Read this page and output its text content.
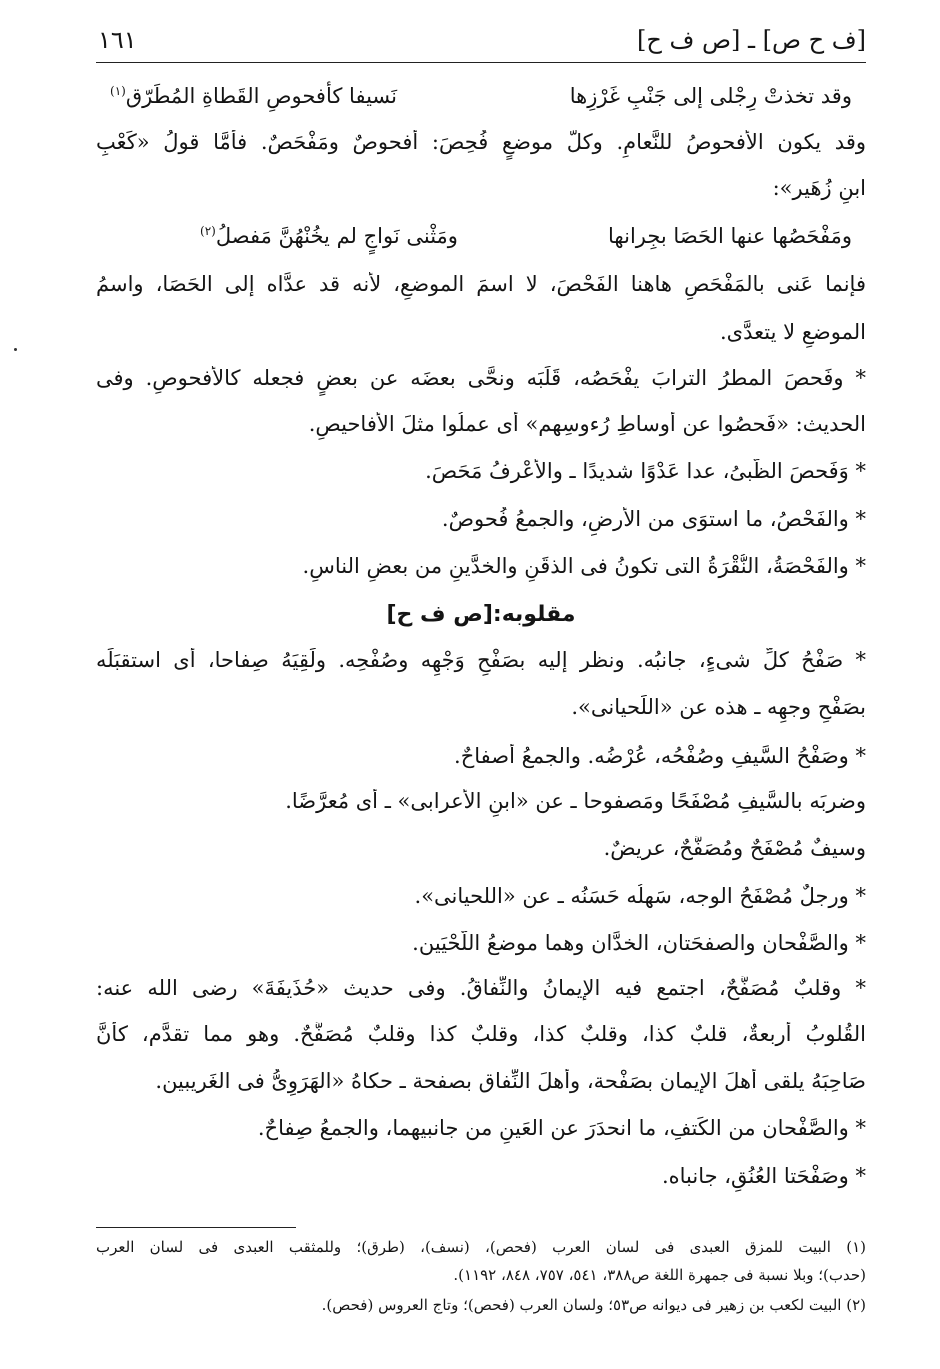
[ف ح ص] ـ [ص ف ح]
١٦١
وقد تخذتْ رِجْلى إلى جَنْبِ غَرْزِها
نَسيفا كأفحوصِ القَطاةِ المُطَرّق$^{(١)}$
وقد يكون الأفحوصُ للنَّعامِ. وكلُّ موضعٍ فُحِصَ: أُفحوصٌ ومَفْحَصٌ. فأمَّا قولُ «كَعْبِ
ابنِ زُهَير»:
ومَفْحَصُها عنها الحَصَا بجِرانها
ومَثْنى نَواجٍ لم يخُنْهُنَّ مَفصلُ$^{(٢)}$
فإنما عَنى بالمَفْحَصِ هاهنا الفَحْصَ، لا اسمَ الموضعِ، لأنه قد عدَّاه إلى الحَصَا، واسمُ
الموضعِ لا يتعدَّى.
* وفَحصَ المطرُ الترابَ يفْحَصُه، قَلَبَه ونحَّى بعضَه عن بعضٍ فجعله كالأفحوصِ. وفى
الحديث: «فَحصُوا عن أوساطِ رُءوسِهم» أى عملُوا مثلَ الأفاحيصِ.
* وَفَحصَ الظَّبىُ، عدا عَدْوًا شديدًا ـ والأعْرفُ مَحَصَ.
* والفَحْصُ، ما استوَى من الأرضِ، والجمعُ فُحوصٌ.
* والفَحْصَةُ، النُّقْرَةُ التى تكونُ فى الذقَنِ والخدَّينِ من بعضِ الناسِ.
مقلوبه:[ص ف ح]
* صَفْحُ كلِّ شىءٍ، جانبُه. ونظر إليه بصَفْحِ وَجْهِه وصُفْحِه. ولَقِيَهُ صِفاحا، أى استقبَلَه
بصَفْحِ وجهِه ـ هذه عن «اللِّحيانى».
* وصَفْحُ السَّيفِ وصُفْحُه، عُرْضُه. والجمعُ أصفاحٌ.
وضربَه بالسَّيفِ مُصْفَحًا ومَصفوحا ـ عن «ابنِ الأعرابى» ـ أى مُعرَّضًا.
وسيفٌ مُصْفَحٌ ومُصَفَّحٌ، عريضٌ.
* ورجلٌ مُصْفَحُ الوجه، سَهلُه حَسَنُه ـ عن «اللحيانى».
* والصَّفْحان والصفحَتان، الخدَّان وهما موضعُ اللَّحْيَين.
* وقلبٌ مُصَفَّحٌ، اجتمع فيه الإيمانُ والنِّفاقُ. وفى حديث «حُذَيفَةَ» رضى الله عنه:
القُلوبُ أربعةٌ، قلبٌ كذا، وقلبٌ كذا، وقلبٌ كذا وقلبٌ مُصَفَّحٌ. وهو مما تقدَّم، كأنَّ
صَاحِبَهُ يلقى أهلَ الإيمان بصَفْحة، وأهلَ النِّفاق بصفحة ـ حكاهُ «الهَرَوِىُّ فى الغَريبين.
* والصَّفْحان من الكَتفِ، ما انحدَرَ عن العَينِ من جانبيهما، والجمعُ صِفاحٌ.
* وصَفْحَتا العُنُقِ، جانباه.
(١) البيت للمزق العبدى فى لسان العرب (فحص)، (نسف)، (طرق)؛ وللمثقب العبدى فى لسان العرب
(حدب)؛ وبلا نسبة فى جمهرة اللغة ص٣٨٨، ٥٤١، ٧٥٧، ٨٤٨، ١١٩٢).
(٢) البيت لكعب بن زهير فى ديوانه ص٥٣؛ ولسان العرب (فحص)؛ وتاج العروس (فحص).
